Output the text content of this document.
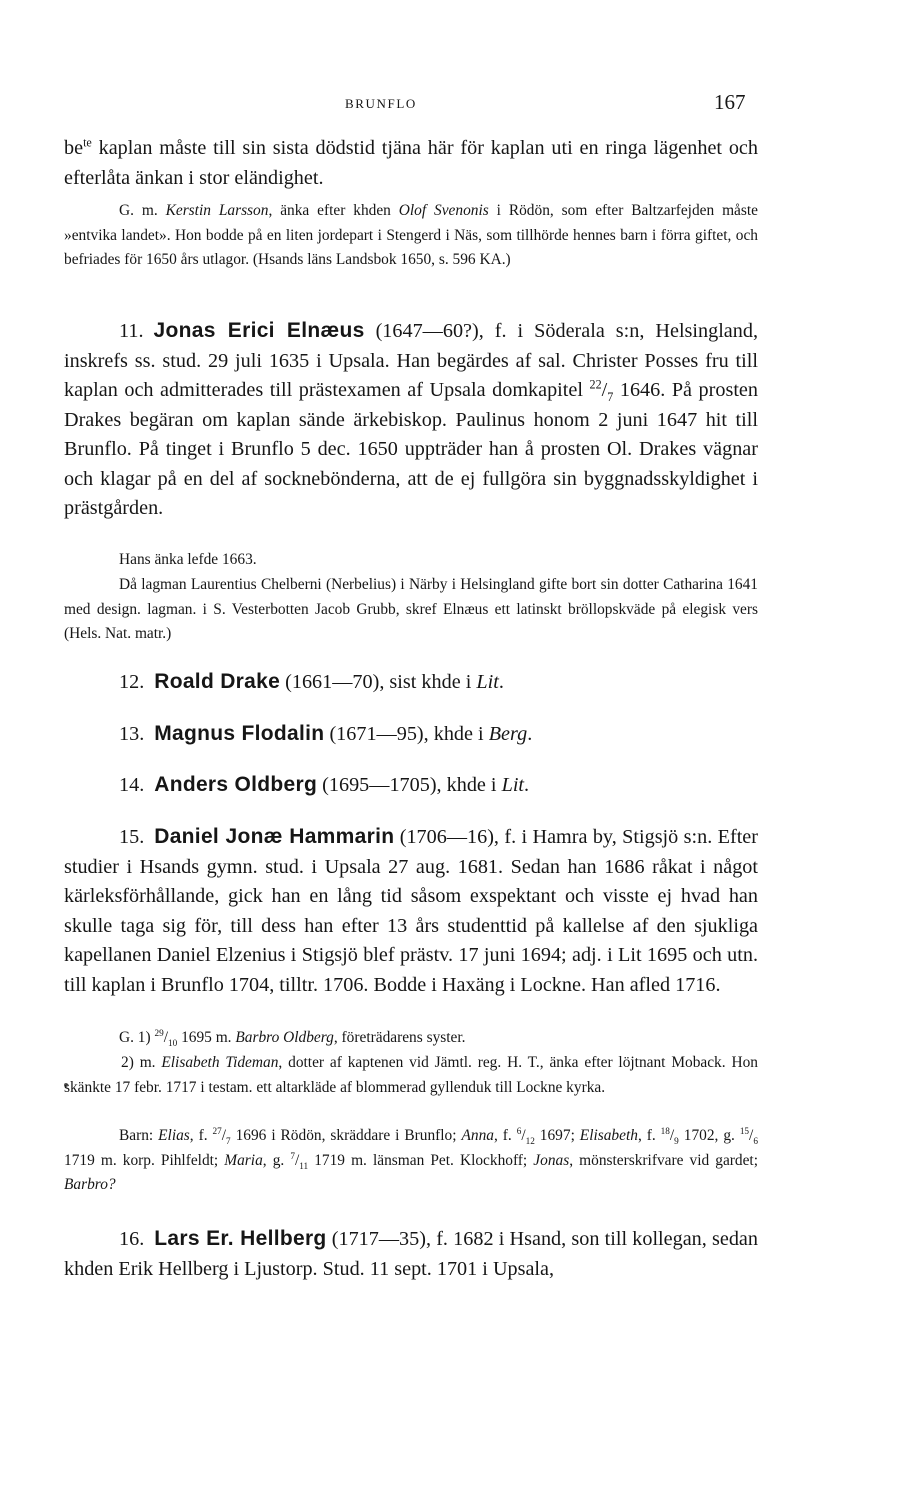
BRUNFLO	167

$be^{te}$ kaplan måste till sin sista dödstid tjäna här för kaplan uti en ringa lägenhet och efterlåta änkan i stor eländighet.

G. m. Kerstin Larsson, änka efter khden Olof Svenonis i Rödön, som efter Baltzarfejden måste »entvika landet». Hon bodde på en liten jordepart i Stengerd i Näs, som tillhörde hennes barn i förra giftet, och befriades för 1650 års utlagor. (Hsands läns Landsbok 1650, s. 596 KA.)

11. Jonas Erici Elnæus (1647—60?), f. i Söderala s:n, Helsingland, inskrefs ss. stud. 29 juli 1635 i Upsala. Han begärdes af sal. Christer Posses fru till kaplan och admitterades till prästexamen af Upsala domkapitel $^{22}/_7$ 1646. På prosten Drakes begäran om kaplan sände ärkebiskop. Paulinus honom 2 juni 1647 hit till Brunflo. På tinget i Brunflo 5 dec. 1650 uppträder han å prosten Ol. Drakes vägnar och klagar på en del af socknebönderna, att de ej fullgöra sin byggnadsskyldighet i prästgården.

Hans änka lefde 1663.

Då lagman Laurentius Chelberni (Nerbelius) i Närby i Helsingland gifte bort sin dotter Catharina 1641 med design. lagman. i S. Vesterbotten Jacob Grubb, skref Elnæus ett latinskt bröllopskväde på elegisk vers (Hels. Nat. matr.)

12. Roald Drake (1661—70), sist khde i Lit.

13. Magnus Flodalin (1671—95), khde i Berg.

14. Anders Oldberg (1695—1705), khde i Lit.

15. Daniel Jonæ Hammarin (1706—16), f. i Hamra by, Stigsjö s:n. Efter studier i Hsands gymn. stud. i Upsala 27 aug. 1681. Sedan han 1686 råkat i något kärleksförhållande, gick han en lång tid såsom exspektant och visste ej hvad han skulle taga sig för, till dess han efter 13 års studenttid på kallelse af den sjukliga kapellanen Daniel Elzenius i Stigsjö blef prästv. 17 juni 1694; adj. i Lit 1695 och utn. till kaplan i Brunflo 1704, tilltr. 1706. Bodde i Haxäng i Lockne. Han afled 1716.

G. 1) $^{29}/_{10}$ 1695 m. Barbro Oldberg, företrädarens syster.

2) m. Elisabeth Tideman, dotter af kaptenen vid Jämtl. reg. H. T., änka efter löjtnant Moback. Hon skänkte 17 febr. 1717 i testam. ett altarkläde af blommerad gyllenduk till Lockne kyrka.

Barn: Elias, f. $^{27}/_7$ 1696 i Rödön, skräddare i Brunflo; Anna, f. $^6/_{12}$ 1697; Elisabeth, f. $^{18}/_9$ 1702, g. $^{15}/_6$ 1719 m. korp. Pihlfeldt; Maria, g. $^7/_{11}$ 1719 m. länsman Pet. Klockhoff; Jonas, mönsterskrifvare vid gardet; Barbro?

16. Lars Er. Hellberg (1717—35), f. 1682 i Hsand, son till kollegan, sedan khden Erik Hellberg i Ljustorp. Stud. 11 sept. 1701 i Upsala,
